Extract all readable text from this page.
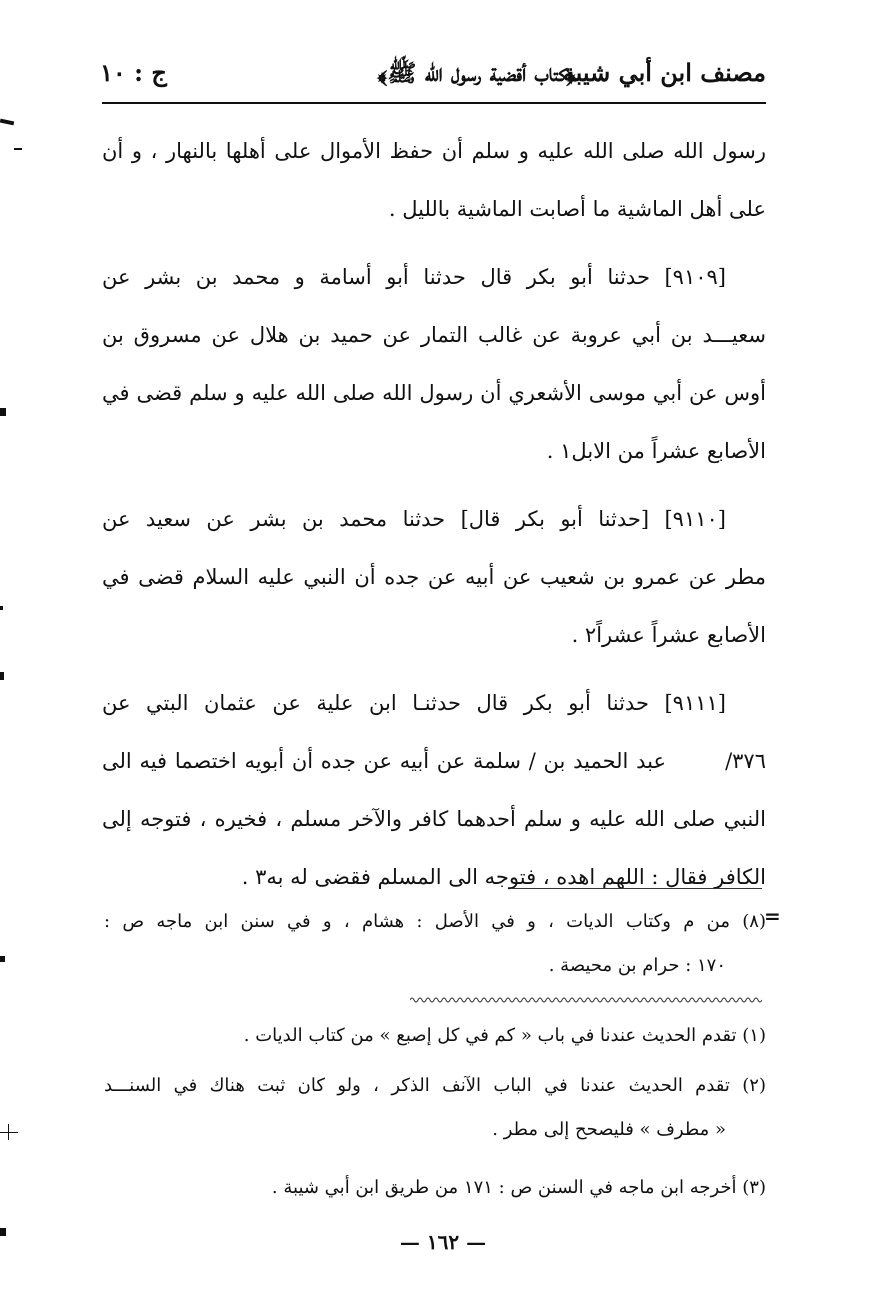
مصنف ابن أبي شيبة
﴿كتاب أقضية رسول الله ﷺ﴾
ج : ١٠
رسول الله صلى الله عليه و سلم أن حفظ الأموال على أهلها بالنهار ، و أن
على أهل الماشية ما أصابت الماشية بالليل .
[٩١٠٩] حدثنا أبو بكر قال حدثنا أبو أسامة و محمد بن بشر عن
سعيـــد بن أبي عروبة عن غالب التمار عن حميد بن هلال عن مسروق بن
أوس عن أبي موسى الأشعري أن رسول الله صلى الله عليه و سلم قضى في
الأصابع عشراً من الابل١ .
[٩١١٠] [حدثنا أبو بكر قال] حدثنا محمد بن بشر عن سعيد عن
مطر عن عمرو بن شعيب عن أبيه عن جده أن النبي عليه السلام قضى في
الأصابع عشراً عشراً٢ .
[٩١١١] حدثنا أبو بكر قال حدثنـا ابن علية عن عثمان البتي عن
٣٧٦/
عبد الحميد بن / سلمة عن أبيه عن جده أن أبويه اختصما فيه الى
النبي صلى الله عليه و سلم أحدهما كافر والآخر مسلم ، فخيره ، فتوجه إلى
الكافر فقال : اللهم اهده ، فتوجه الى المسلم فقضى له به٣ .
=
(٨) من م وكتاب الديات ، و في الأصل : هشام ، و في سنن ابن ماجه ص :
١٧٠ : حرام بن محيصة .
(١) تقدم الحديث عندنا في باب « كم في كل إصبع » من كتاب الديات .
(٢) تقدم الحديث عندنا في الباب الآنف الذكر ، ولو كان ثبت هناك في السنـــد
« مطرف » فليصحح إلى مطر .
(٣) أخرجه ابن ماجه في السنن ص : ١٧١ من طريق ابن أبي شيبة .
— ١٦٢ —
